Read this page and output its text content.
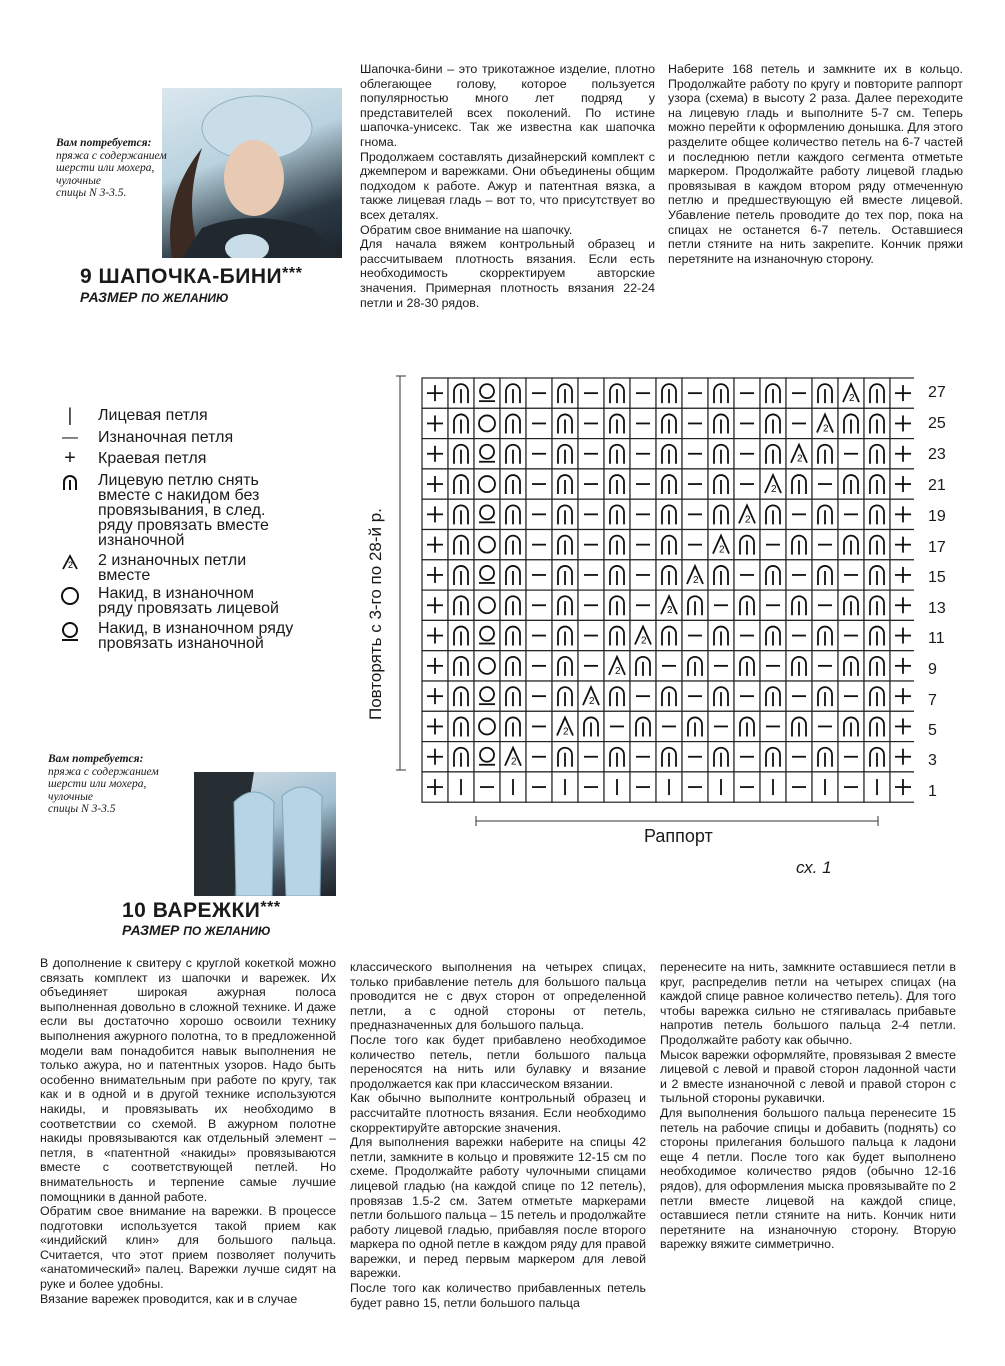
Вам потребуется:
пряжа с содержанием
шерсти или мохера,
чулочные
спицы N 3-3.5.
9 ШАПОЧКА-БИНИ***
РАЗМЕР ПО ЖЕЛАНИЮ

Шапочка-бини – это трикотажное изделие, плотно облегающее голову, которое пользуется популярностью много лет подряд у представителей всех поколений. По истине шапочка-унисекс. Так же известна как шапочка гнома.

Продолжаем составлять дизайнерский комплект с джемпером и варежками. Они объединены общим подходом к работе. Ажур и патентная вязка, а также лицевая гладь – вот то, что присутствует во всех деталях.

Обратим свое внимание на шапочку.

Для начала вяжем контрольный образец и рассчитываем плотность вязания. Если есть необходимость скорректируем авторские значения. Примерная плотность вязания 22-24 петли и 28-30 рядов.

Наберите 168 петель и замкните их в кольцо. Продолжайте работу по кругу и повторите раппорт узора (схема) в высоту 2 раза. Далее переходите на лицевую гладь и выполните 5-7 см. Теперь можно перейти к оформлению донышка. Для этого разделите общее количество петель на 6-7 частей и последнюю петли каждого сегмента отметьте маркером. Продолжайте работу лицевой гладью провязывая в каждом втором ряду отмеченную петлю и предшествующую ей вместе лицевой. Убавление петель проводите до тех пор, пока на спицах не останется 6-7 петель. Оставшиеся петли стяните на нить закрепите. Кончик пряжи перетяните на изнаночную сторону.

|	Лицевая петля
— Изнаночная петля
+	Краевая петля
Лицевую петлю снять
вместе с накидом без
провязывания, в след.
ряду провязать вместе
изнаночной
2 2 изнаночных петли
вместе
Накид, в изнаночном
ряду провязать лицевой
Накид, в изнаночном ряду
провязать изнаночной	Повторять с 3-го по 28-й р.
2
2
2
2
2
2
2
2
2
2
2
2
2
27
25
23
21
19
17
15
13
11
9
7
5
3
1
Раппорт
сх. 1
Вам потребуется:
пряжа с содержанием
шерсти или мохера,
чулочные
спицы N 3-3.5
10 ВАРЕЖКИ***
РАЗМЕР ПО ЖЕЛАНИЮ

В дополнение к свитеру с круглой кокеткой можно связать комплект из шапочки и варежек. Их объединяет широкая ажурная полоса выполненная довольно в сложной технике. И даже если вы достаточно хорошо освоили технику выполнения ажурного полотна, то в предложенной модели вам понадобится навык выполнения не только ажура, но и патентных узоров. Надо быть особенно внимательным при работе по кругу, так как и в одной и в другой технике используются накиды, и провязывать их необходимо в соответствии со схемой. В ажурном полотне накиды провязываются как отдельный элемент – петля, в «патентной «накиды» провязываются вместе с соответствующей петлей. Но внимательность и терпение самые лучшие помощники в данной работе.

Обратим свое внимание на варежки. В процессе подготовки используется такой прием как «индийский клин» для большого пальца. Считается, что этот прием позволяет получить «анатомический» палец. Варежки лучше сидят на руке и более удобны.

Вязание варежек проводится, как и в случае

классического выполнения на четырех спицах, только прибавление петель для большого пальца проводится не с двух сторон от определенной петли, а с одной стороны от петель, предназначенных для большого пальца.

После того как будет прибавлено необходимое количество петель, петли большого пальца переносятся на нить или булавку и вязание продолжается как при классическом вязании.

Как обычно выполните контрольный образец и рассчитайте плотность вязания. Если необходимо скорректируйте авторские значения.

Для выполнения варежки наберите на спицы 42 петли, замкните в кольцо и провяжите 12-15 см по схеме. Продолжайте работу чулочными спицами лицевой гладью (на каждой спице по 12 петель), провязав 1.5-2 см. Затем отметьте маркерами петли большого пальца – 15 петель и продолжайте работу лицевой гладью, прибавляя после второго маркера по одной петле в каждом ряду для правой варежки, и перед первым маркером для левой варежки.

После того как количество прибавленных петель будет равно 15, петли большого пальца

перенесите на нить, замкните оставшиеся петли в круг, распределив петли на четырех спицах (на каждой спице равное количество петель). Для того чтобы варежка сильно не стягивалась прибавьте напротив петель большого пальца 2-4 петли. Продолжайте работу как обычно.

Мысок варежки оформляйте, провязывая 2 вместе лицевой с левой и правой сторон ладонной части и 2 вместе изнаночной с левой и правой сторон с тыльной стороны рукавички.

Для выполнения большого пальца перенесите 15 петель на рабочие спицы и добавить (поднять) со стороны прилегания большого пальца к ладони еще 4 петли. После того как будет выполнено необходимое количество рядов (обычно 12-16 рядов), для оформления мыска провязывайте по 2 петли вместе лицевой на каждой спице, оставшиеся петли стяните на нить. Кончик нити перетяните на изнаночную сторону. Вторую варежку вяжите симметрично.
